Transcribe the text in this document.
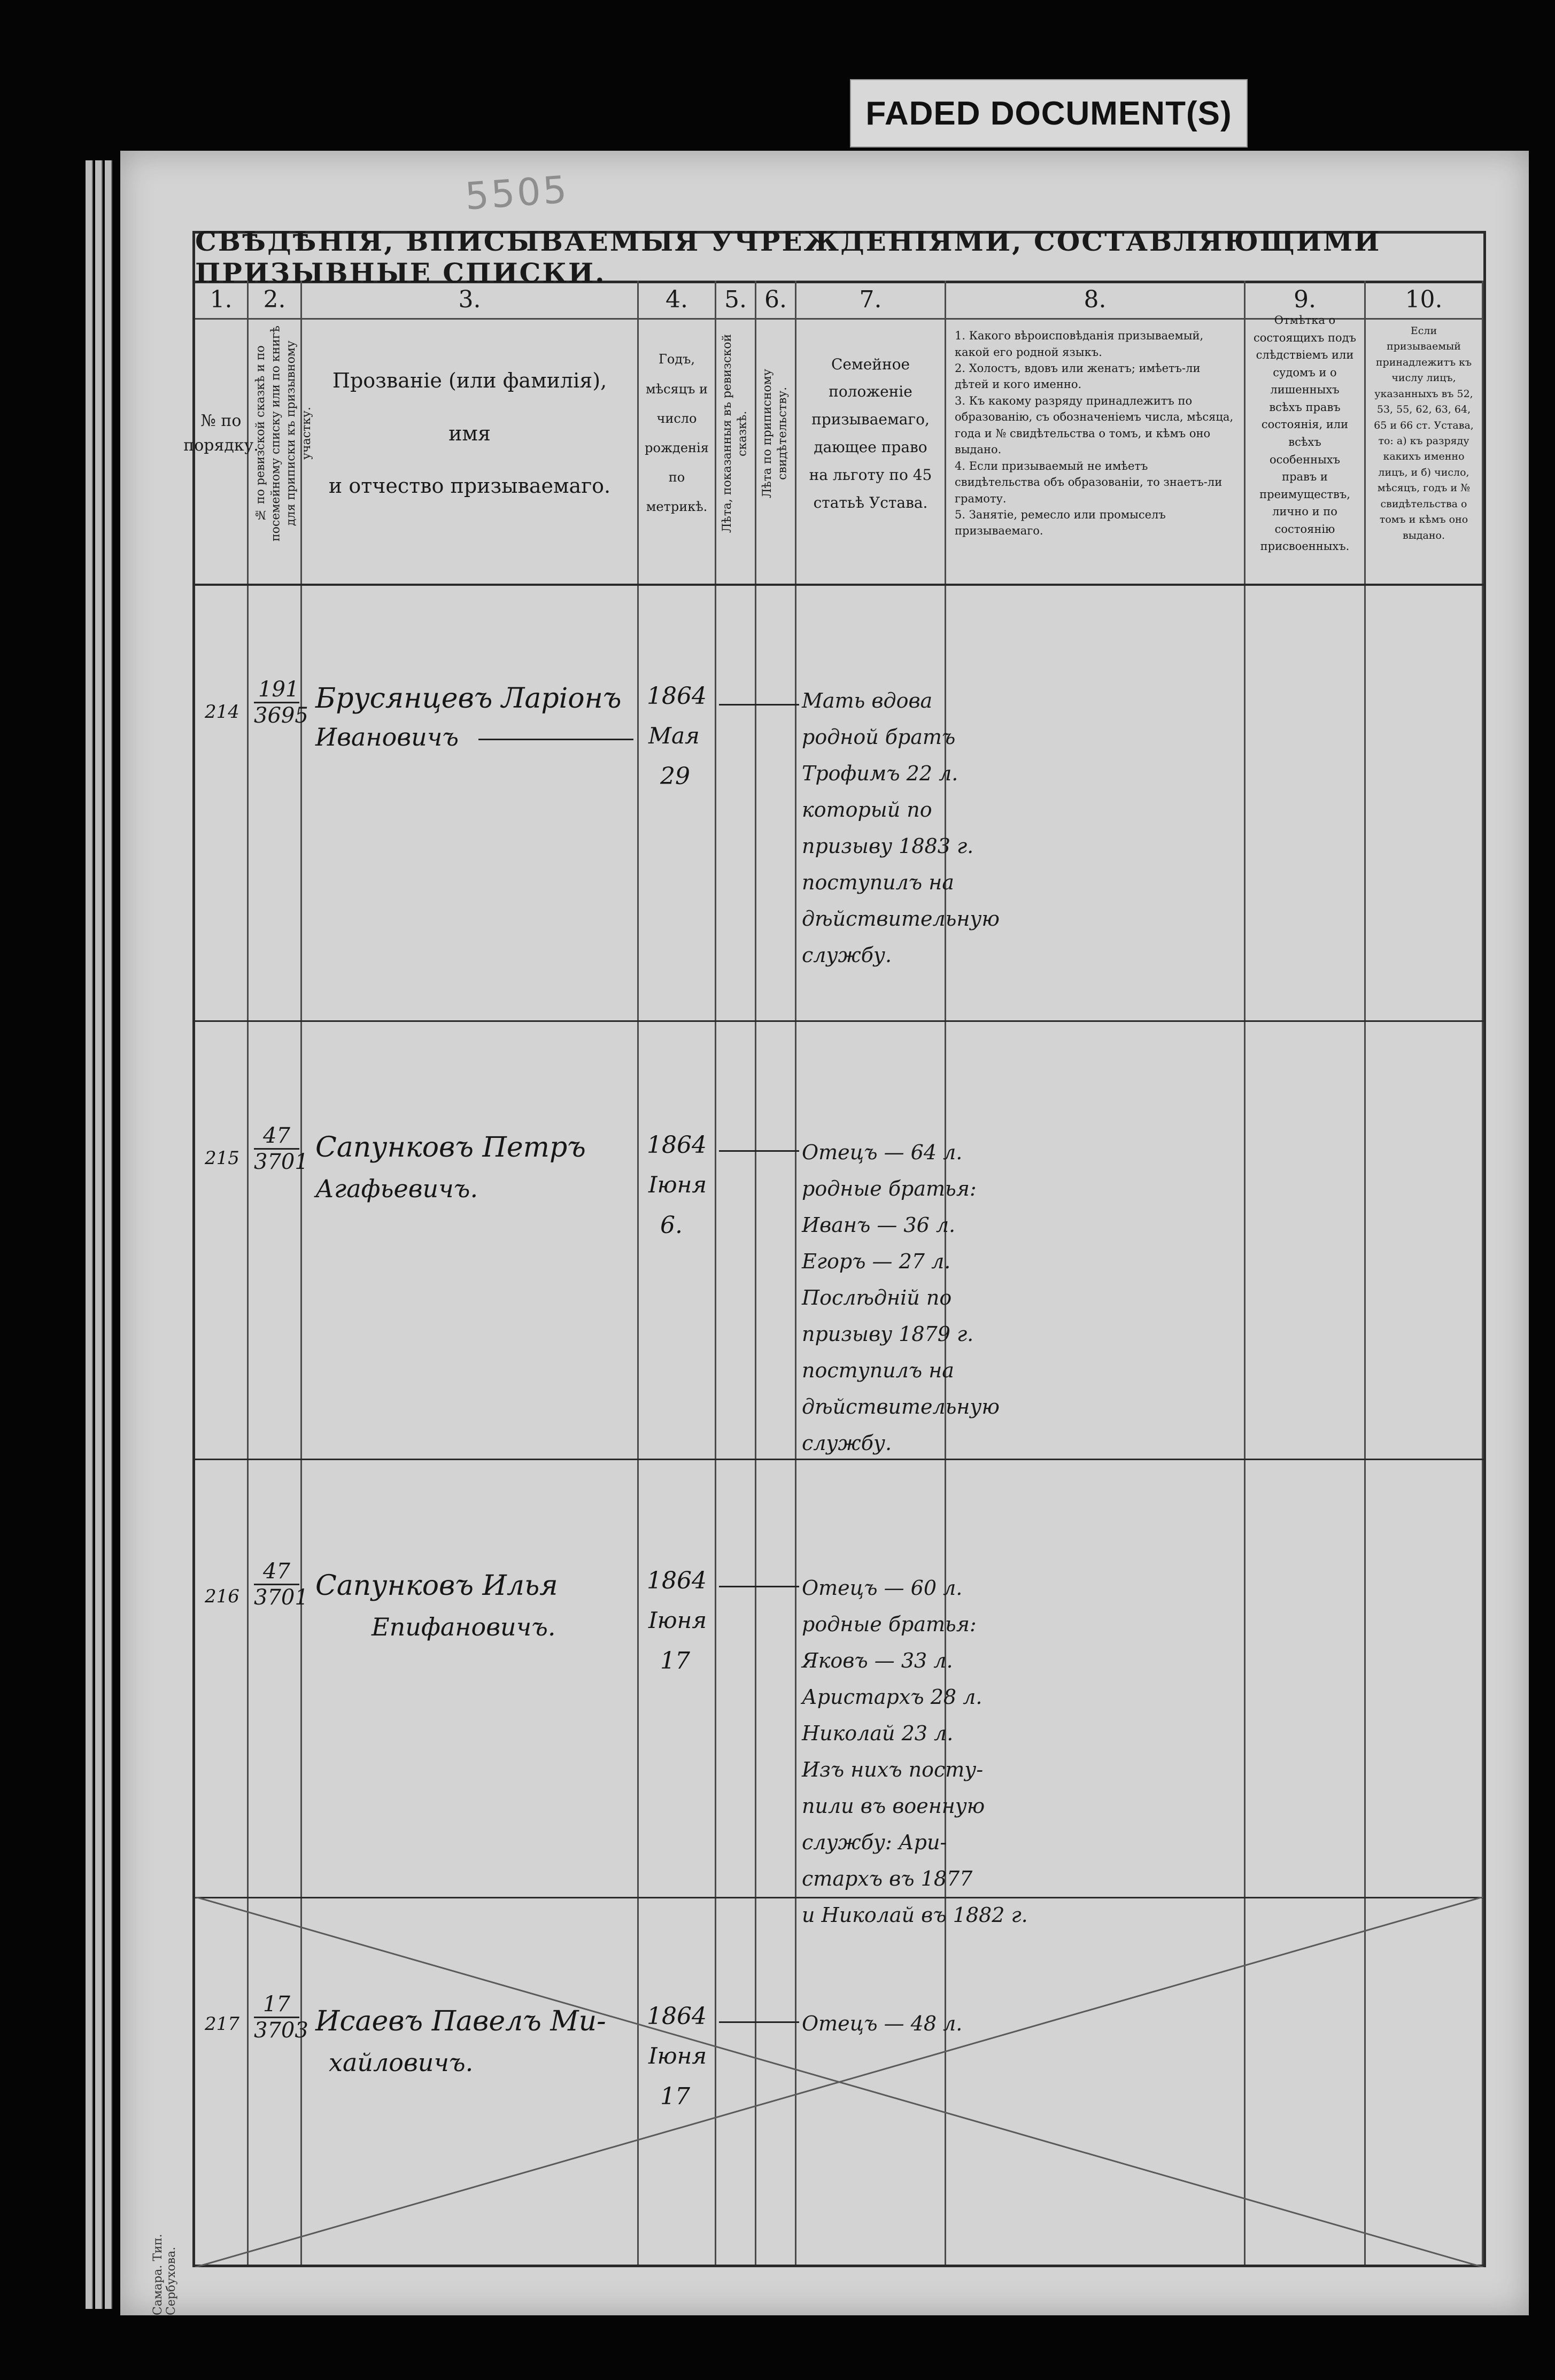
FADED DOCUMENT(S)
5505
СВѢДѢНІЯ, ВПИСЫВАЕМЫЯ УЧРЕЖДЕНІЯМИ, СОСТАВЛЯЮЩИМИ ПРИЗЫВНЫЕ СПИСКИ.
1.
№ по порядку.
2.
№ по ревизской сказкѣ и по посемейному списку или по книгѣ для приписки къ призывному участку.
3.
Прозваніе (или фамилія), имя
и отчество призываемаго.
4.
Годъ, мѣсяцъ и число рожденія по метрикѣ.
5.
Лѣта, показанныя въ ревизской сказкѣ.
6.
Лѣта по приписному свидѣтельству.
7.
Семейное положеніе призываемаго, дающее право на льготу по 45 статьѣ Устава.
8.
1. Какого вѣроисповѣданія призываемый, какой его родной языкъ.
2. Холостъ, вдовъ или женатъ; имѣетъ-ли дѣтей и кого именно.
3. Къ какому разряду принадлежитъ по образованію, съ обозначеніемъ числа, мѣсяца, года и № свидѣтельства о томъ, и кѣмъ оно выдано.
4. Если призываемый не имѣетъ свидѣтельства объ образованіи, то знаетъ-ли грамоту.
5. Занятіе, ремесло или промыселъ призываемаго.
9.
Отмѣтка о состоящихъ подъ слѣдствіемъ или судомъ и о лишенныхъ всѣхъ правъ состоянія, или всѣхъ особенныхъ правъ и преимуществъ, лично и по состоянію присвоенныхъ.
10.
Если призываемый принадлежитъ къ числу лицъ, указанныхъ въ 52, 53, 55, 62, 63, 64, 65 и 66 ст. Устава, то: а) къ разряду какихъ именно лицъ, и б) число, мѣсяцъ, годъ и № свидѣтельства о томъ и кѣмъ оно выдано.
$214 \frac{191}{3695}$ Брусянцевъ Ларіонъ
Ивановичъ
1864
Мая
29
Мать вдова
родной братъ
Трофимъ 22 л.
который по
призыву 1883 г.
поступилъ на
дѣйствительную
службу.
$215 \frac{47}{3701}$ Сапунковъ Петръ
Агафьевичъ.
1864
Іюня
6.
Отецъ — 64 л.
родные братья:
Иванъ — 36 л.
Егоръ — 27 л.
Послѣдній по
призыву 1879 г.
поступилъ на
дѣйствительную
службу.
$216 \frac{47}{3701}$ Сапунковъ Илья
Епифановичъ.
1864
Іюня
17
Отецъ — 60 л.
родные братья:
Яковъ — 33 л.
Аристархъ 28 л.
Николай 23 л.
Изъ нихъ посту-
пили въ военную
службу: Ари-
стархъ въ 1877
и Николай въ 1882 г.
$217 \frac{17}{3703}$ Исаевъ Павелъ Ми-
хайловичъ.
1864
Іюня
17
Отецъ — 48 л.
Самара. Тип. Сербухова.
